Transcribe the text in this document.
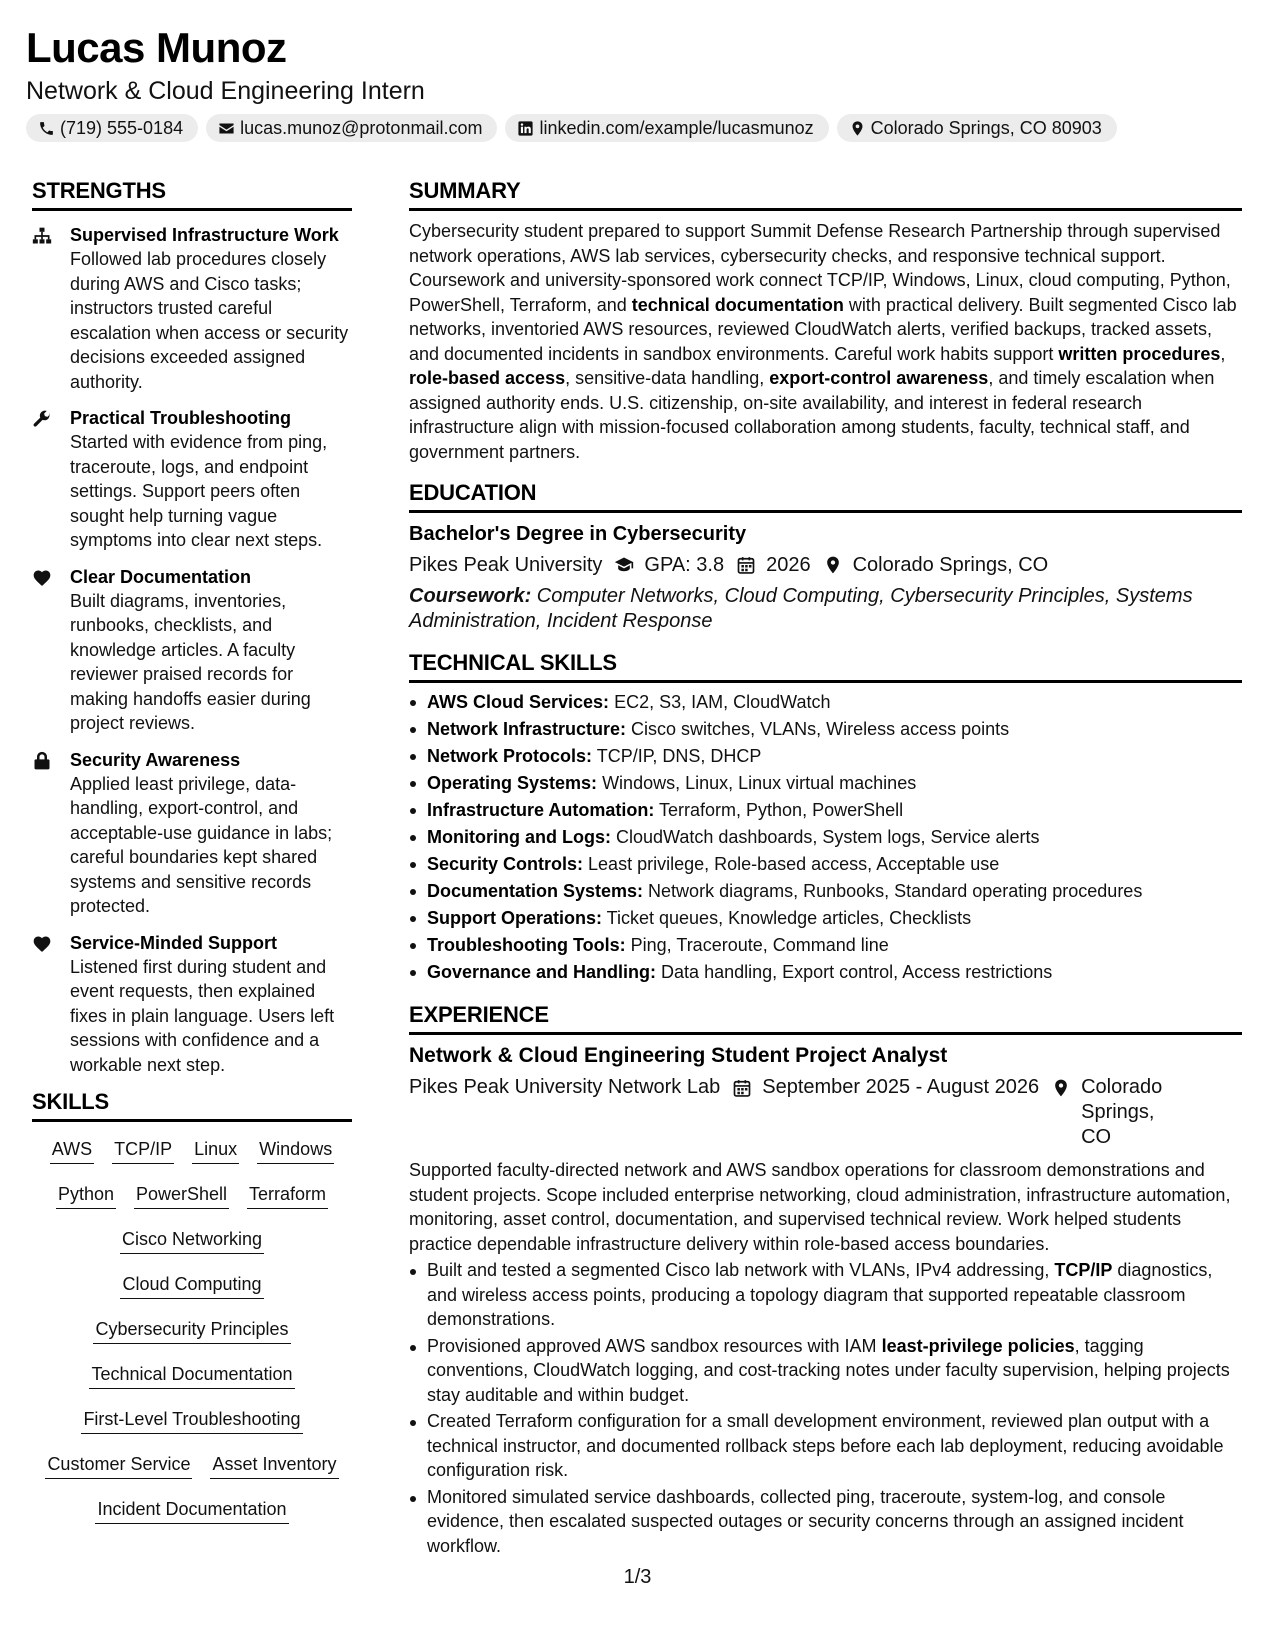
Lucas Munoz
Network & Cloud Engineering Intern
(719) 555-0184	lucas.munoz@protonmail.com	linkedin.com/example/lucasmunoz	Colorado Springs, CO 80903
STRENGTHS
Supervised Infrastructure Work
Followed lab procedures closely during AWS and Cisco tasks; instructors trusted careful escalation when access or security decisions exceeded assigned authority.
Practical Troubleshooting
Started with evidence from ping, traceroute, logs, and endpoint settings. Support peers often sought help turning vague symptoms into clear next steps.
Clear Documentation
Built diagrams, inventories, runbooks, checklists, and knowledge articles. A faculty reviewer praised records for making handoffs easier during project reviews.
Security Awareness
Applied least privilege, data-handling, export-control, and acceptable-use guidance in labs; careful boundaries kept shared systems and sensitive records protected.
Service-Minded Support
Listened first during student and event requests, then explained fixes in plain language. Users left sessions with confidence and a workable next step.
SKILLS
AWS TCP/IP Linux Windows
Python PowerShell Terraform
Cisco Networking
Cloud Computing
Cybersecurity Principles
Technical Documentation
First-Level Troubleshooting
Customer Service Asset Inventory
Incident Documentation
SUMMARY
Cybersecurity student prepared to support Summit Defense Research Partnership through supervised network operations, AWS lab services, cybersecurity checks, and responsive technical support. Coursework and university-sponsored work connect TCP/IP, Windows, Linux, cloud computing, Python, PowerShell, Terraform, and technical documentation with practical delivery. Built segmented Cisco lab networks, inventoried AWS resources, reviewed CloudWatch alerts, verified backups, tracked assets, and documented incidents in sandbox environments. Careful work habits support written procedures, role-based access, sensitive-data handling, export-control awareness, and timely escalation when assigned authority ends. U.S. citizenship, on-site availability, and interest in federal research infrastructure align with mission-focused collaboration among students, faculty, technical staff, and government partners.
EDUCATION
Bachelor's Degree in Cybersecurity
Pikes Peak University GPA: 3.8 2026 Colorado Springs, CO
Coursework: Computer Networks, Cloud Computing, Cybersecurity Principles, Systems Administration, Incident Response
TECHNICAL SKILLS
AWS Cloud Services: EC2, S3, IAM, CloudWatch
Network Infrastructure: Cisco switches, VLANs, Wireless access points
Network Protocols: TCP/IP, DNS, DHCP
Operating Systems: Windows, Linux, Linux virtual machines
Infrastructure Automation: Terraform, Python, PowerShell
Monitoring and Logs: CloudWatch dashboards, System logs, Service alerts
Security Controls: Least privilege, Role-based access, Acceptable use
Documentation Systems: Network diagrams, Runbooks, Standard operating procedures
Support Operations: Ticket queues, Knowledge articles, Checklists
Troubleshooting Tools: Ping, Traceroute, Command line
Governance and Handling: Data handling, Export control, Access restrictions
EXPERIENCE
Network & Cloud Engineering Student Project Analyst
Pikes Peak University Network Lab September 2025 - August 2026 Colorado Springs, CO
Supported faculty-directed network and AWS sandbox operations for classroom demonstrations and student projects. Scope included enterprise networking, cloud administration, infrastructure automation, monitoring, asset control, documentation, and supervised technical review. Work helped students practice dependable infrastructure delivery within role-based access boundaries.
Built and tested a segmented Cisco lab network with VLANs, IPv4 addressing, TCP/IP diagnostics, and wireless access points, producing a topology diagram that supported repeatable classroom demonstrations.
Provisioned approved AWS sandbox resources with IAM least-privilege policies, tagging conventions, CloudWatch logging, and cost-tracking notes under faculty supervision, helping projects stay auditable and within budget.
Created Terraform configuration for a small development environment, reviewed plan output with a technical instructor, and documented rollback steps before each lab deployment, reducing avoidable configuration risk.
Monitored simulated service dashboards, collected ping, traceroute, system-log, and console evidence, then escalated suspected outages or security concerns through an assigned incident workflow.
1/3
